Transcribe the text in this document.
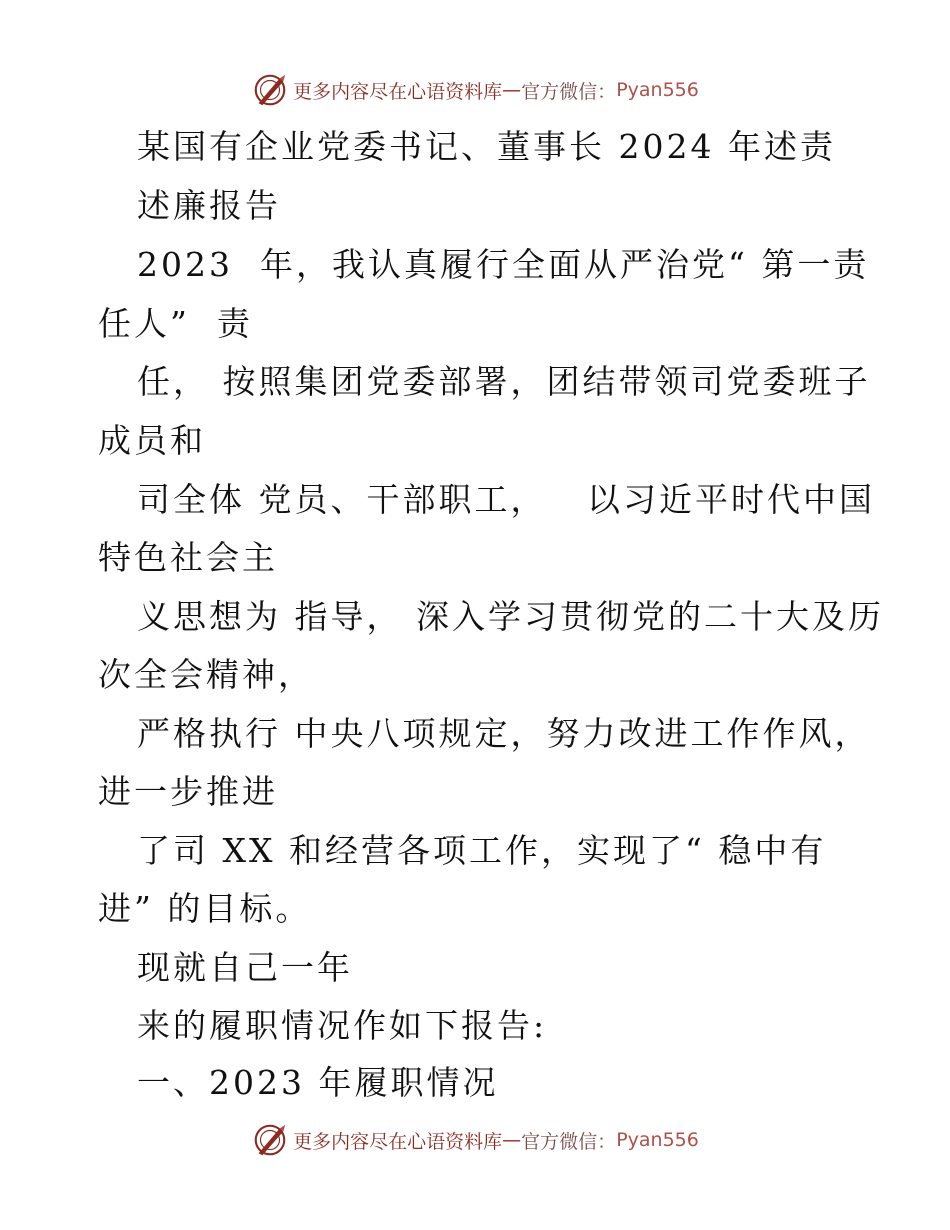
更多内容尽在心语资料库 — 官方微信： Pyan556
某国有企业党委书记、董事长 2024 年述责
述廉报告
2023  年，我认真履行全面从严治党“ 第一责
任人”  责
任， 按照集团党委部署，团结带领司党委班子
成员和
司全体 党员、干部职工，   以习近平时代中国
特色社会主
义思想为 指导， 深入学习贯彻党的二十大及历
次全会精神，
严格执行 中央八项规定，努力改进工作作风，
进一步推进
了司 XX 和经营各项工作，实现了“ 稳中有
进” 的目标。
现就自己一年
来的履职情况作如下报告:
一、2023 年履职情况
更多内容尽在心语资料库 — 官方微信： Pyan556
